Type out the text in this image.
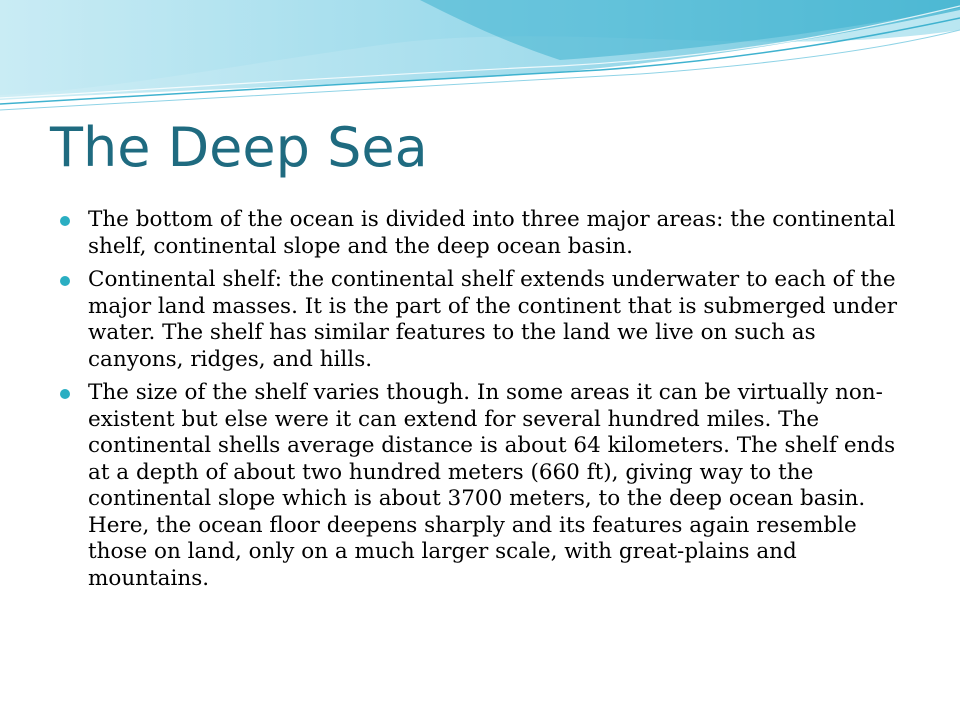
The Deep Sea
The bottom of the ocean is divided into three major areas: the continental shelf, continental slope and the deep ocean basin.
Continental shelf: the continental shelf extends underwater to each of the major land masses. It is the part of the continent that is submerged under water. The shelf has similar features to the land we live on such as canyons, ridges, and hills.
The size of the shelf varies though. In some areas it can be virtually non-existent but else were it can extend for several hundred miles. The continental shells average distance is about 64 kilometers. The shelf ends at a depth of about two hundred meters (660 ft), giving way to the continental slope which is about 3700 meters, to the deep ocean basin. Here, the ocean floor deepens sharply and its features again resemble those on land, only on a much larger scale, with great-plains and mountains.
